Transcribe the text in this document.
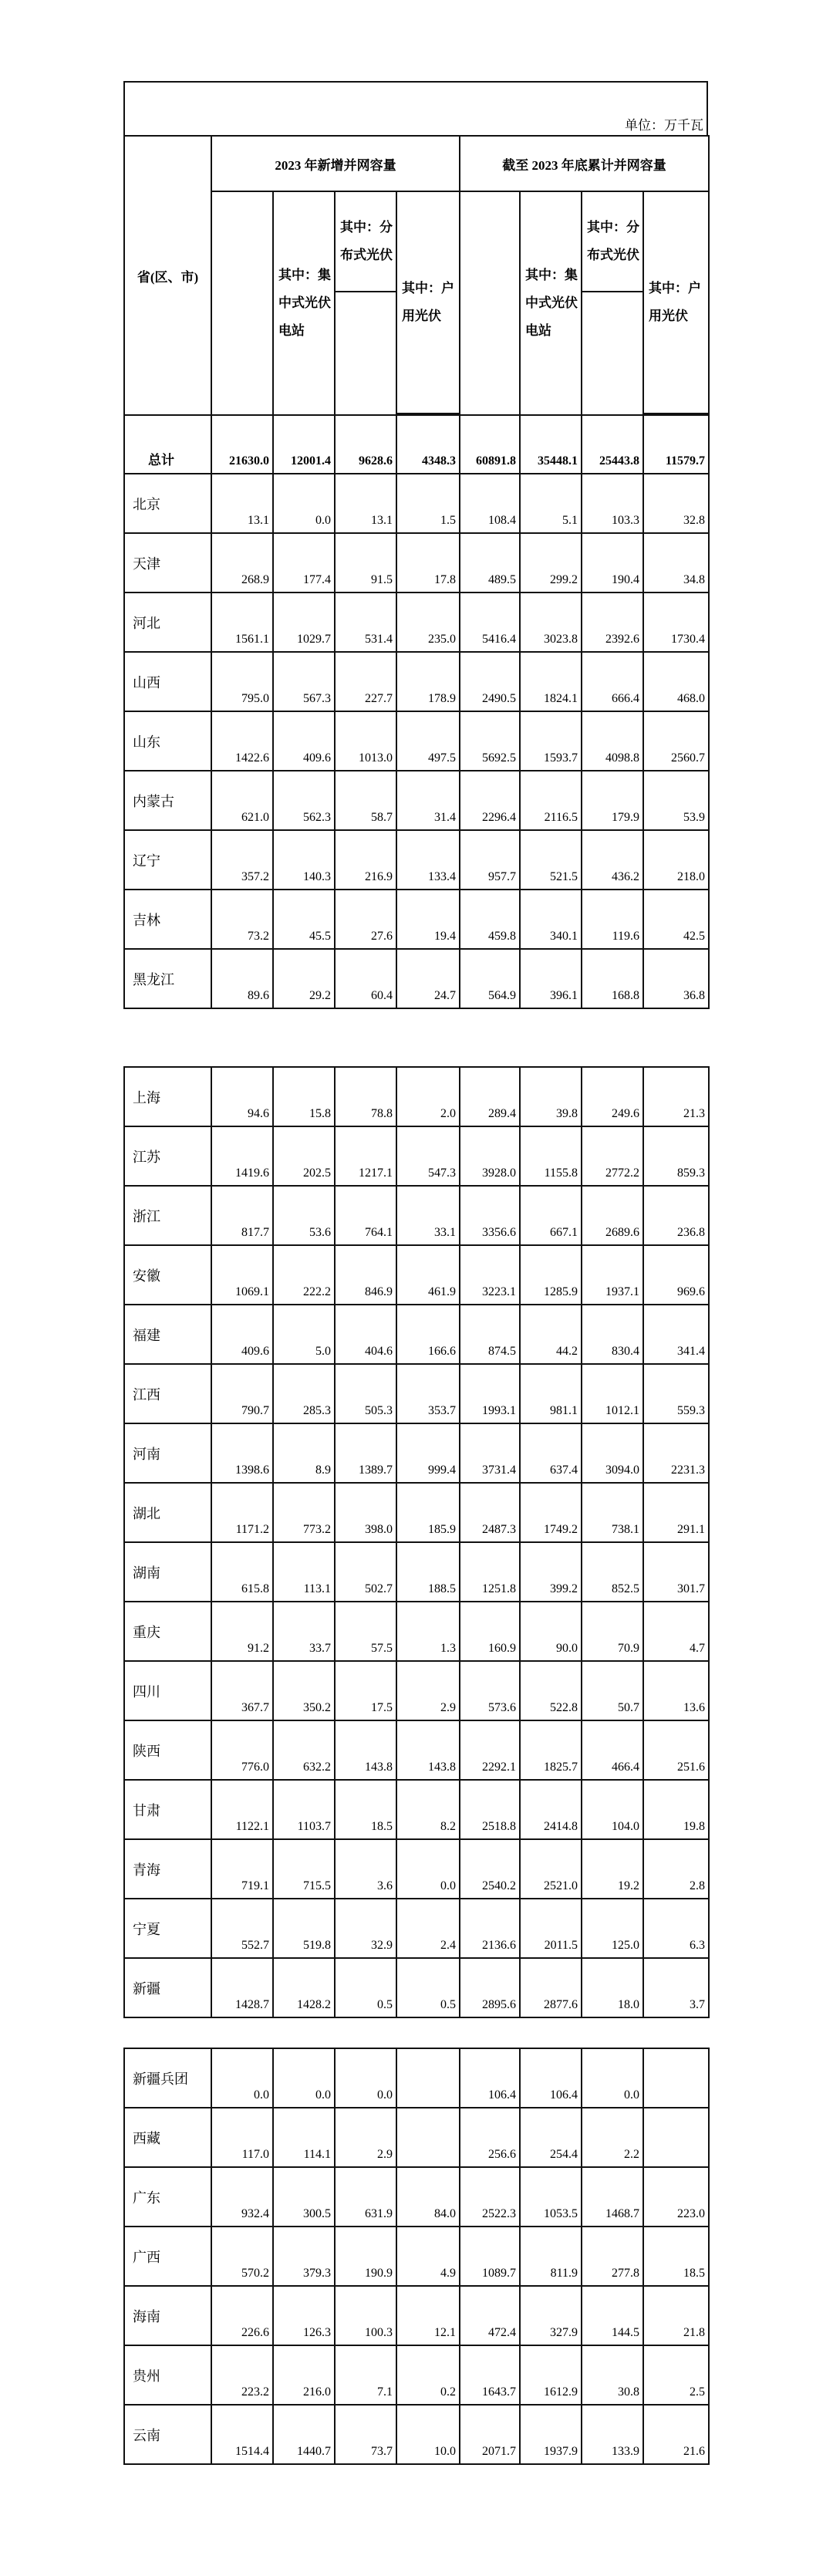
单位：万千瓦
省(区、市)	2023 年新增并网容量				截至 2023 年底累计并网容量			
		其中：集中式光伏电站	其中：分布式光伏	其中：户用光伏		其中：集中式光伏电站	其中：分布式光伏	其中：户用光伏

总计	21630.0	12001.4	9628.6	4348.3	60891.8	35448.1	25443.8	11579.7
北京	13.1	0.0	13.1	1.5	108.4	5.1	103.3	32.8
天津	268.9	177.4	91.5	17.8	489.5	299.2	190.4	34.8
河北	1561.1	1029.7	531.4	235.0	5416.4	3023.8	2392.6	1730.4
山西	795.0	567.3	227.7	178.9	2490.5	1824.1	666.4	468.0
山东	1422.6	409.6	1013.0	497.5	5692.5	1593.7	4098.8	2560.7
内蒙古	621.0	562.3	58.7	31.4	2296.4	2116.5	179.9	53.9
辽宁	357.2	140.3	216.9	133.4	957.7	521.5	436.2	218.0
吉林	73.2	45.5	27.6	19.4	459.8	340.1	119.6	42.5
黑龙江	89.6	29.2	60.4	24.7	564.9	396.1	168.8	36.8
上海	94.6	15.8	78.8	2.0	289.4	39.8	249.6	21.3
江苏	1419.6	202.5	1217.1	547.3	3928.0	1155.8	2772.2	859.3
浙江	817.7	53.6	764.1	33.1	3356.6	667.1	2689.6	236.8
安徽	1069.1	222.2	846.9	461.9	3223.1	1285.9	1937.1	969.6
福建	409.6	5.0	404.6	166.6	874.5	44.2	830.4	341.4
江西	790.7	285.3	505.3	353.7	1993.1	981.1	1012.1	559.3
河南	1398.6	8.9	1389.7	999.4	3731.4	637.4	3094.0	2231.3
湖北	1171.2	773.2	398.0	185.9	2487.3	1749.2	738.1	291.1
湖南	615.8	113.1	502.7	188.5	1251.8	399.2	852.5	301.7
重庆	91.2	33.7	57.5	1.3	160.9	90.0	70.9	4.7
四川	367.7	350.2	17.5	2.9	573.6	522.8	50.7	13.6
陕西	776.0	632.2	143.8	143.8	2292.1	1825.7	466.4	251.6
甘肃	1122.1	1103.7	18.5	8.2	2518.8	2414.8	104.0	19.8
青海	719.1	715.5	3.6	0.0	2540.2	2521.0	19.2	2.8
宁夏	552.7	519.8	32.9	2.4	2136.6	2011.5	125.0	6.3
新疆	1428.7	1428.2	0.5	0.5	2895.6	2877.6	18.0	3.7
新疆兵团	0.0	0.0	0.0		106.4	106.4	0.0	
西藏	117.0	114.1	2.9		256.6	254.4	2.2	
广东	932.4	300.5	631.9	84.0	2522.3	1053.5	1468.7	223.0
广西	570.2	379.3	190.9	4.9	1089.7	811.9	277.8	18.5
海南	226.6	126.3	100.3	12.1	472.4	327.9	144.5	21.8
贵州	223.2	216.0	7.1	0.2	1643.7	1612.9	30.8	2.5
云南	1514.4	1440.7	73.7	10.0	2071.7	1937.9	133.9	21.6
